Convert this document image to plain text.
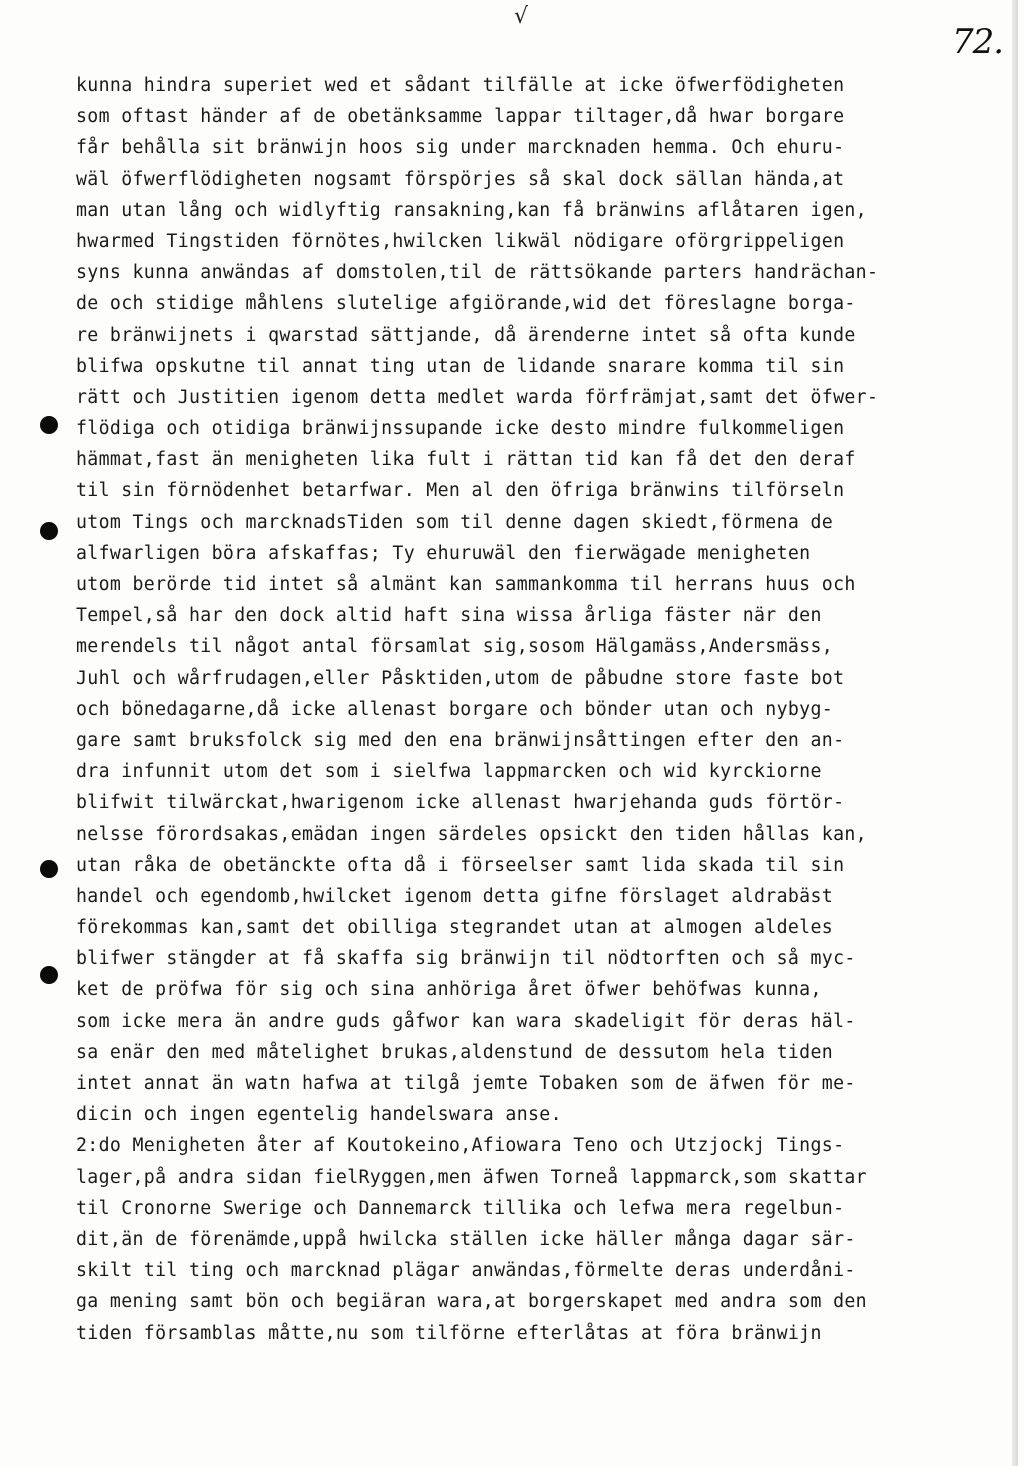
√
72.
kunna hindra superiet wed et sådant tilfälle at icke öfwerfödigheten
som oftast händer af de obetänksamme lappar tiltager,då hwar borgare
får behålla sit bränwijn hoos sig under marcknaden hemma. Och ehuru-
wäl öfwerflödigheten nogsamt förspörjes så skal dock sällan hända,at
man utan lång och widlyftig ransakning,kan få bränwins aflåtaren igen,
hwarmed Tingstiden förnötes,hwilcken likwäl nödigare oförgrippeligen
syns kunna anwändas af domstolen,til de rättsökande parters handrächan-
de och stidige måhlens slutelige afgiörande,wid det föreslagne borga-
re bränwijnets i qwarstad sättjande, då ärenderne intet så ofta kunde
blifwa opskutne til annat ting utan de lidande snarare komma til sin
rätt och Justitien igenom detta medlet warda förfrämjat,samt det öfwer-
flödiga och otidiga bränwijnssupande icke desto mindre fulkommeligen
hämmat,fast än menigheten lika fult i rättan tid kan få det den deraf
til sin förnödenhet betarfwar. Men al den öfriga bränwins tilförseln
utom Tings och marcknadsTiden som til denne dagen skiedt,förmena de
alfwarligen böra afskaffas; Ty ehuruwäl den fierwägade menigheten
utom berörde tid intet så almänt kan sammankomma til herrans huus och
Tempel,så har den dock altid haft sina wissa årliga fäster när den
merendels til något antal församlat sig,sosom Hälgamäss,Andersmäss,
Juhl och wårfrudagen,eller Påsktiden,utom de påbudne store faste bot
och bönedagarne,då icke allenast borgare och bönder utan och nybyg-
gare samt bruksfolck sig med den ena bränwijnsåttingen efter den an-
dra infunnit utom det som i sielfwa lappmarcken och wid kyrckiorne
blifwit tilwärckat,hwarigenom icke allenast hwarjehanda guds förtör-
nelsse förordsakas,emädan ingen särdeles opsickt den tiden hållas kan,
utan råka de obetänckte ofta då i förseelser samt lida skada til sin
handel och egendomb,hwilcket igenom detta gifne förslaget aldrabäst
förekommas kan,samt det obilliga stegrandet utan at almogen aldeles
blifwer stängder at få skaffa sig bränwijn til nödtorften och så myc-
ket de pröfwa för sig och sina anhöriga året öfwer behöfwas kunna,
som icke mera än andre guds gåfwor kan wara skadeligit för deras häl-
sa enär den med måtelighet brukas,aldenstund de dessutom hela tiden
intet annat än watn hafwa at tilgå jemte Tobaken som de äfwen för me-
dicin och ingen egentelig handelswara anse.
2:do Menigheten åter af Koutokeino,Afiowara Teno och Utzjockj Tings-
lager,på andra sidan fielRyggen,men äfwen Torneå lappmarck,som skattar
til Cronorne Swerige och Dannemarck tillika och lefwa mera regelbun-
dit,än de förenämde,uppå hwilcka ställen icke häller många dagar sär-
skilt til ting och marcknad plägar anwändas,förmelte deras underdåni-
ga mening samt bön och begiäran wara,at borgerskapet med andra som den
tiden församblas måtte,nu som tilförne efterlåtas at föra bränwijn
